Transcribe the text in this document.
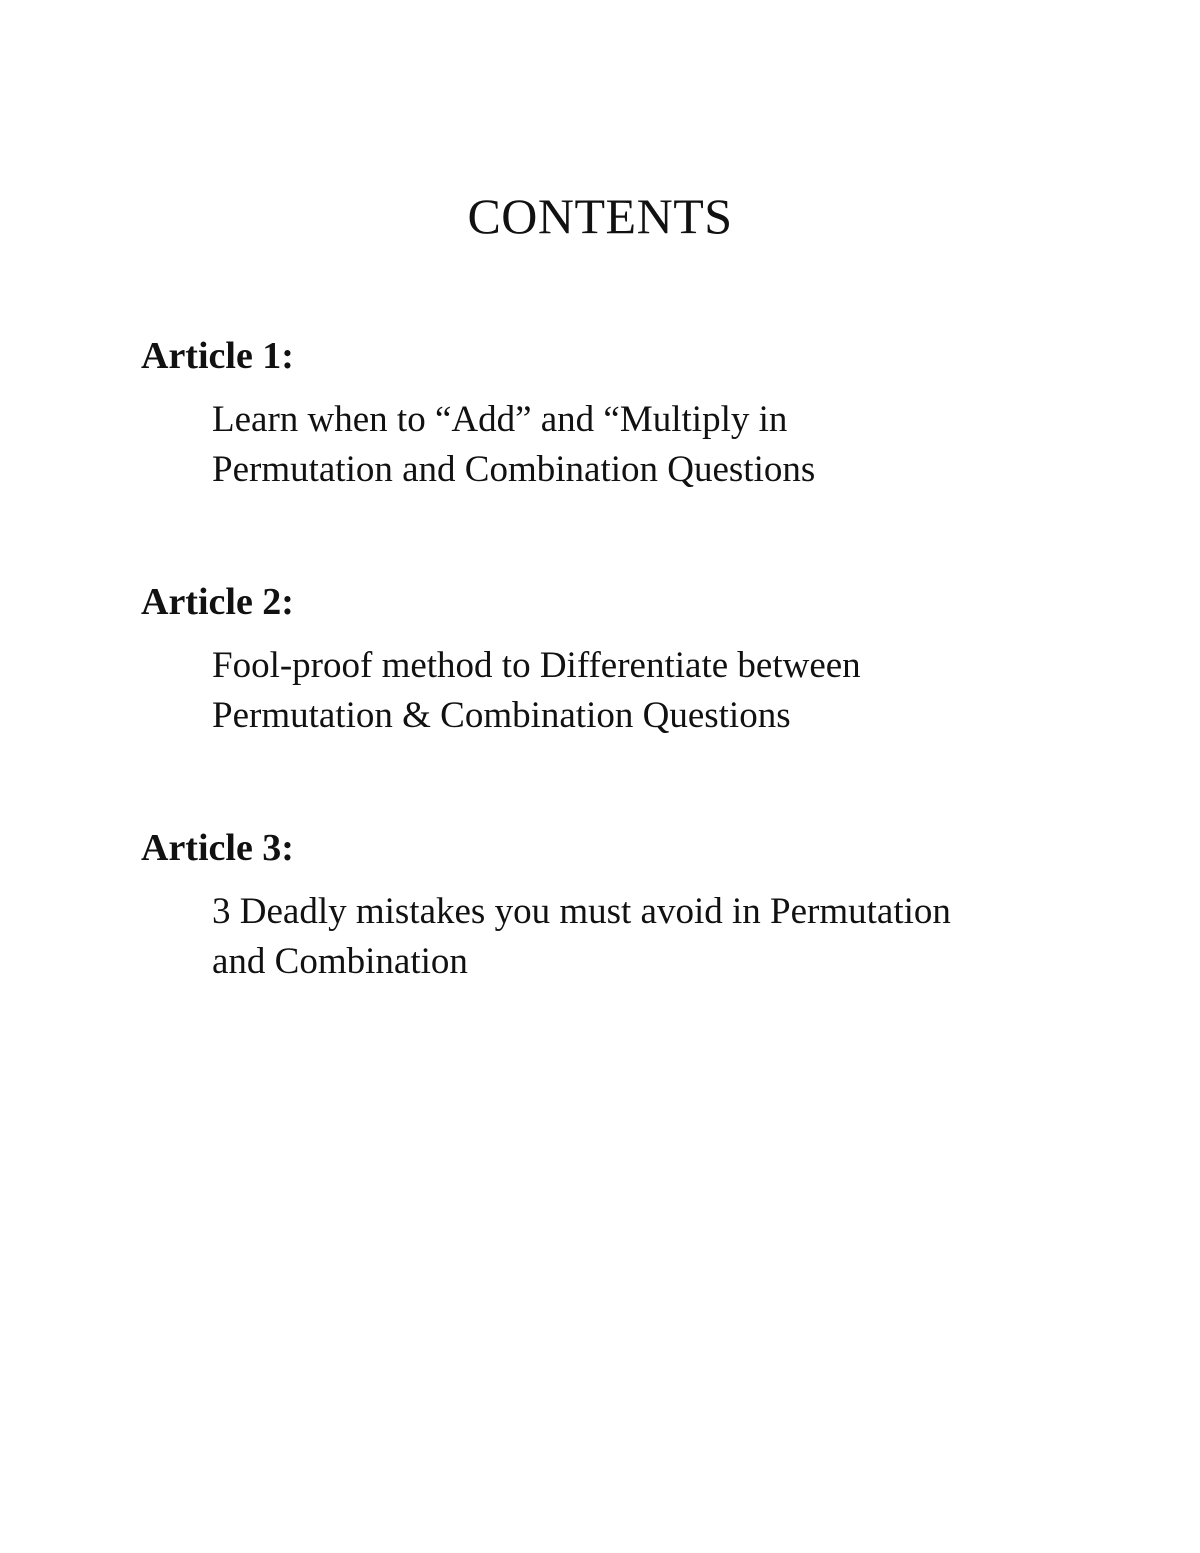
CONTENTS
Article 1:

Learn when to “Add” and “Multiply in
Permutation and Combination Questions

Article 2:

Fool-proof method to Differentiate between
Permutation & Combination Questions

Article 3:

3 Deadly mistakes you must avoid in Permutation
and Combination
